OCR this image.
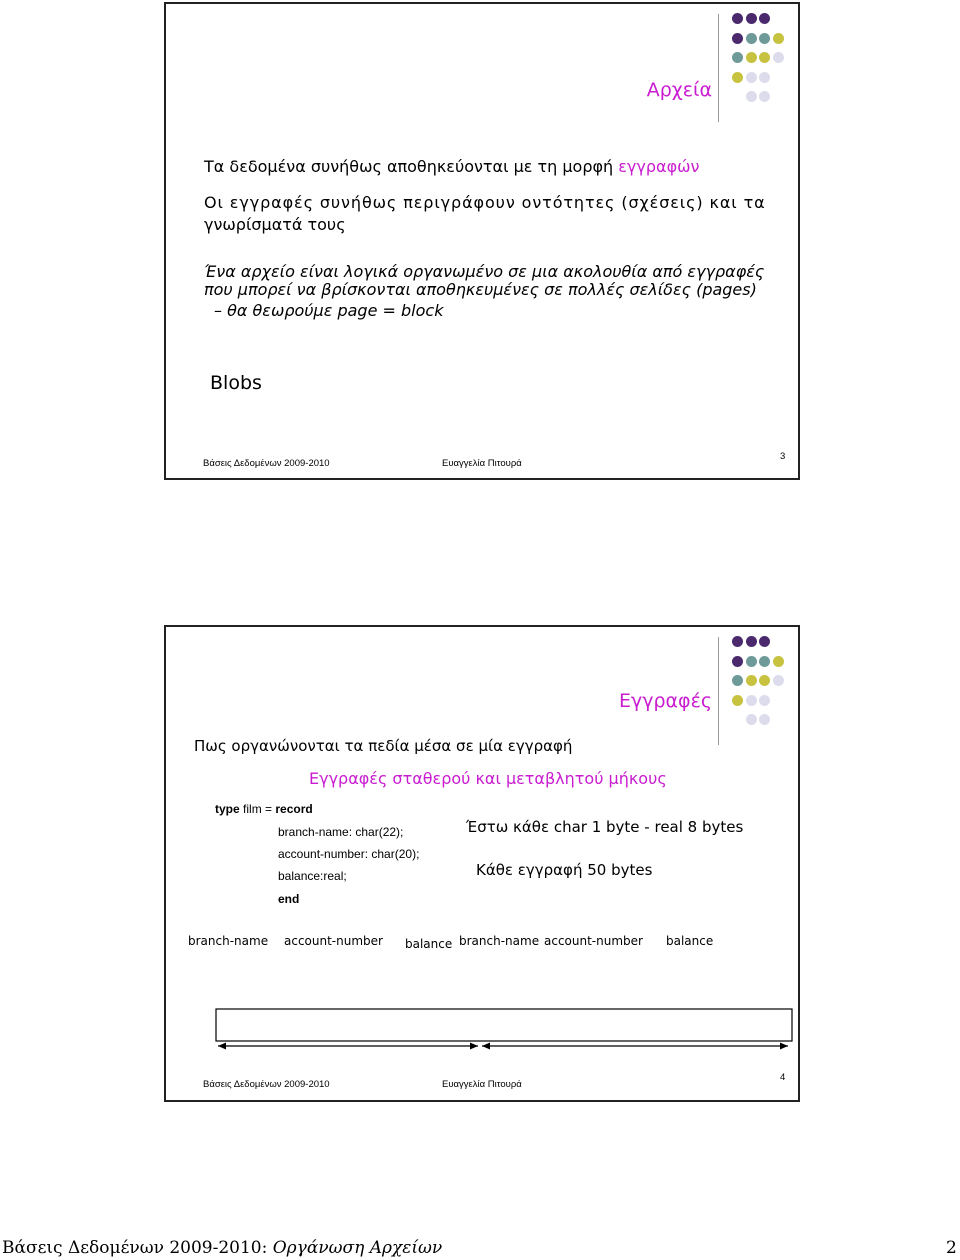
Αρχεία
Τα δεδομένα συνήθως αποθηκεύονται με τη μορφή εγγραφών
Οι εγγραφές συνήθως περιγράφουν οντότητες (σχέσεις) και τα
γνωρίσματά τους
Ένα αρχείο είναι λογικά οργανωμένο σε μια ακολουθία από εγγραφές
που μπορεί να βρίσκονται αποθηκευμένες σε πολλές σελίδες (pages)
– θα θεωρούμε page = block
Blobs
Βάσεις Δεδομένων 2009-2010	Ευαγγελία Πιτουρά
3
Εγγραφές
Πως οργανώνονται τα πεδία μέσα σε μία εγγραφή
Εγγραφές σταθερού και μεταβλητού μήκους
type film = record
branch-name: char(22);
account-number: char(20);
balance:real;
end
Έστω κάθε char 1 byte - real 8 bytes
Κάθε εγγραφή 50 bytes
branch-name account-number balance branch-name account-number balance
Βάσεις Δεδομένων 2009-2010	Ευαγγελία Πιτουρά
4
Βάσεις Δεδομένων 2009-2010: Οργάνωση Αρχείων	2
